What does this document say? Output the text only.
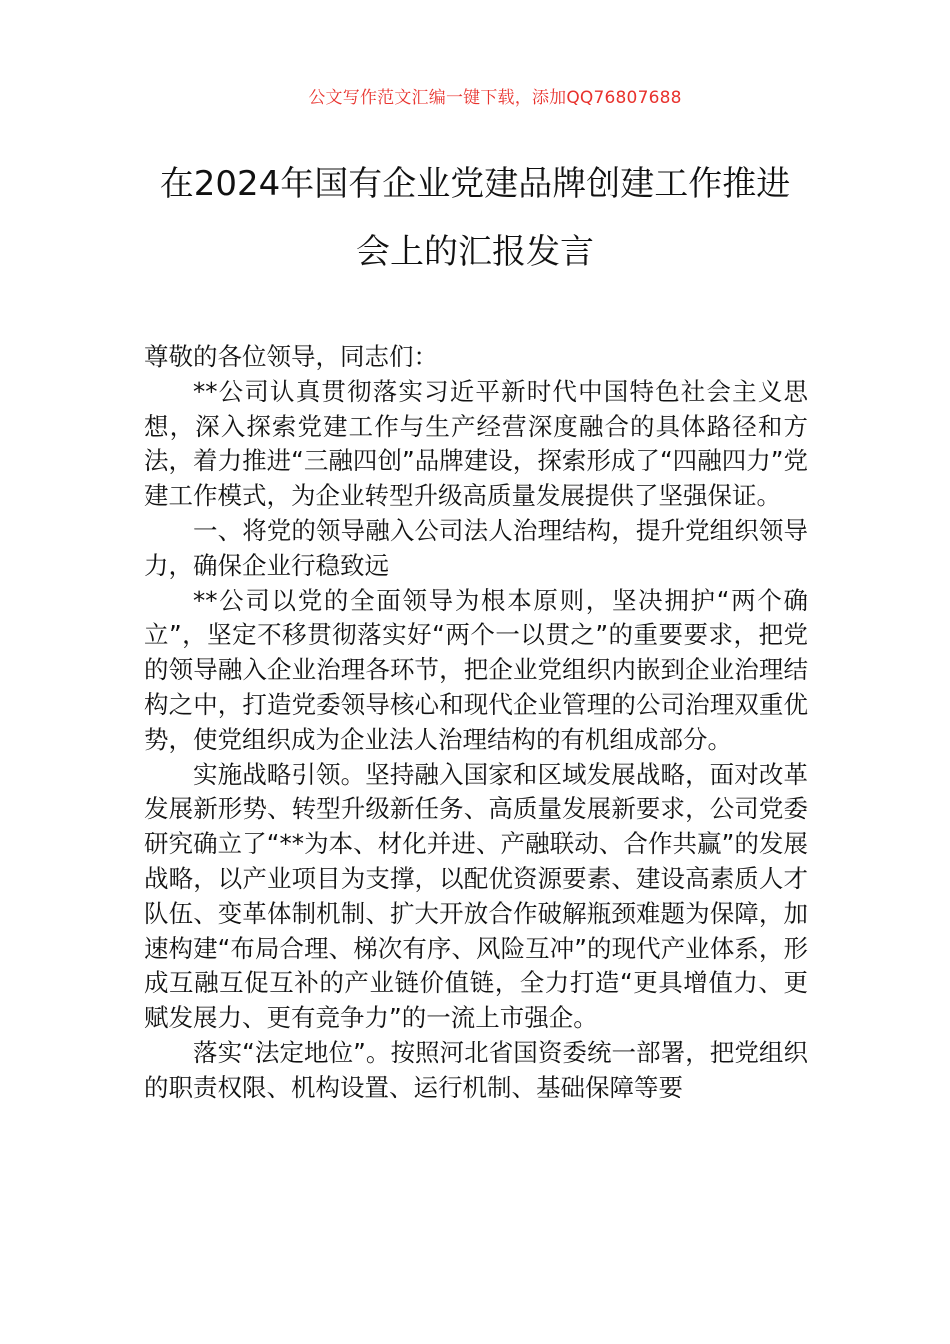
公文写作范文汇编一键下载，添加QQ76807688
在2024年国有企业党建品牌创建工作推进
会上的汇报发言

尊敬的各位领导，同志们：

**公司认真贯彻落实习近平新时代中国特色社会主义思想，深入探索党建工作与生产经营深度融合的具体路径和方法，着力推进“三融四创”品牌建设，探索形成了“四融四力”党建工作模式，为企业转型升级高质量发展提供了坚强保证。

一、将党的领导融入公司法人治理结构，提升党组织领导力，确保企业行稳致远

**公司以党的全面领导为根本原则，坚决拥护“两个确立”，坚定不移贯彻落实好“两个一以贯之”的重要要求，把党的领导融入企业治理各环节，把企业党组织内嵌到企业治理结构之中，打造党委领导核心和现代企业管理的公司治理双重优势，使党组织成为企业法人治理结构的有机组成部分。

实施战略引领。坚持融入国家和区域发展战略，面对改革发展新形势、转型升级新任务、高质量发展新要求，公司党委研究确立了“**为本、材化并进、产融联动、合作共赢”的发展战略，以产业项目为支撑，以配优资源要素、建设高素质人才队伍、变革体制机制、扩大开放合作破解瓶颈难题为保障，加速构建“布局合理、梯次有序、风险互冲”的现代产业体系，形成互融互促互补的产业链价值链，全力打造“更具增值力、更赋发展力、更有竞争力”的一流上市强企。

落实“法定地位”。按照河北省国资委统一部署，把党组织的职责权限、机构设置、运行机制、基础保障等要
